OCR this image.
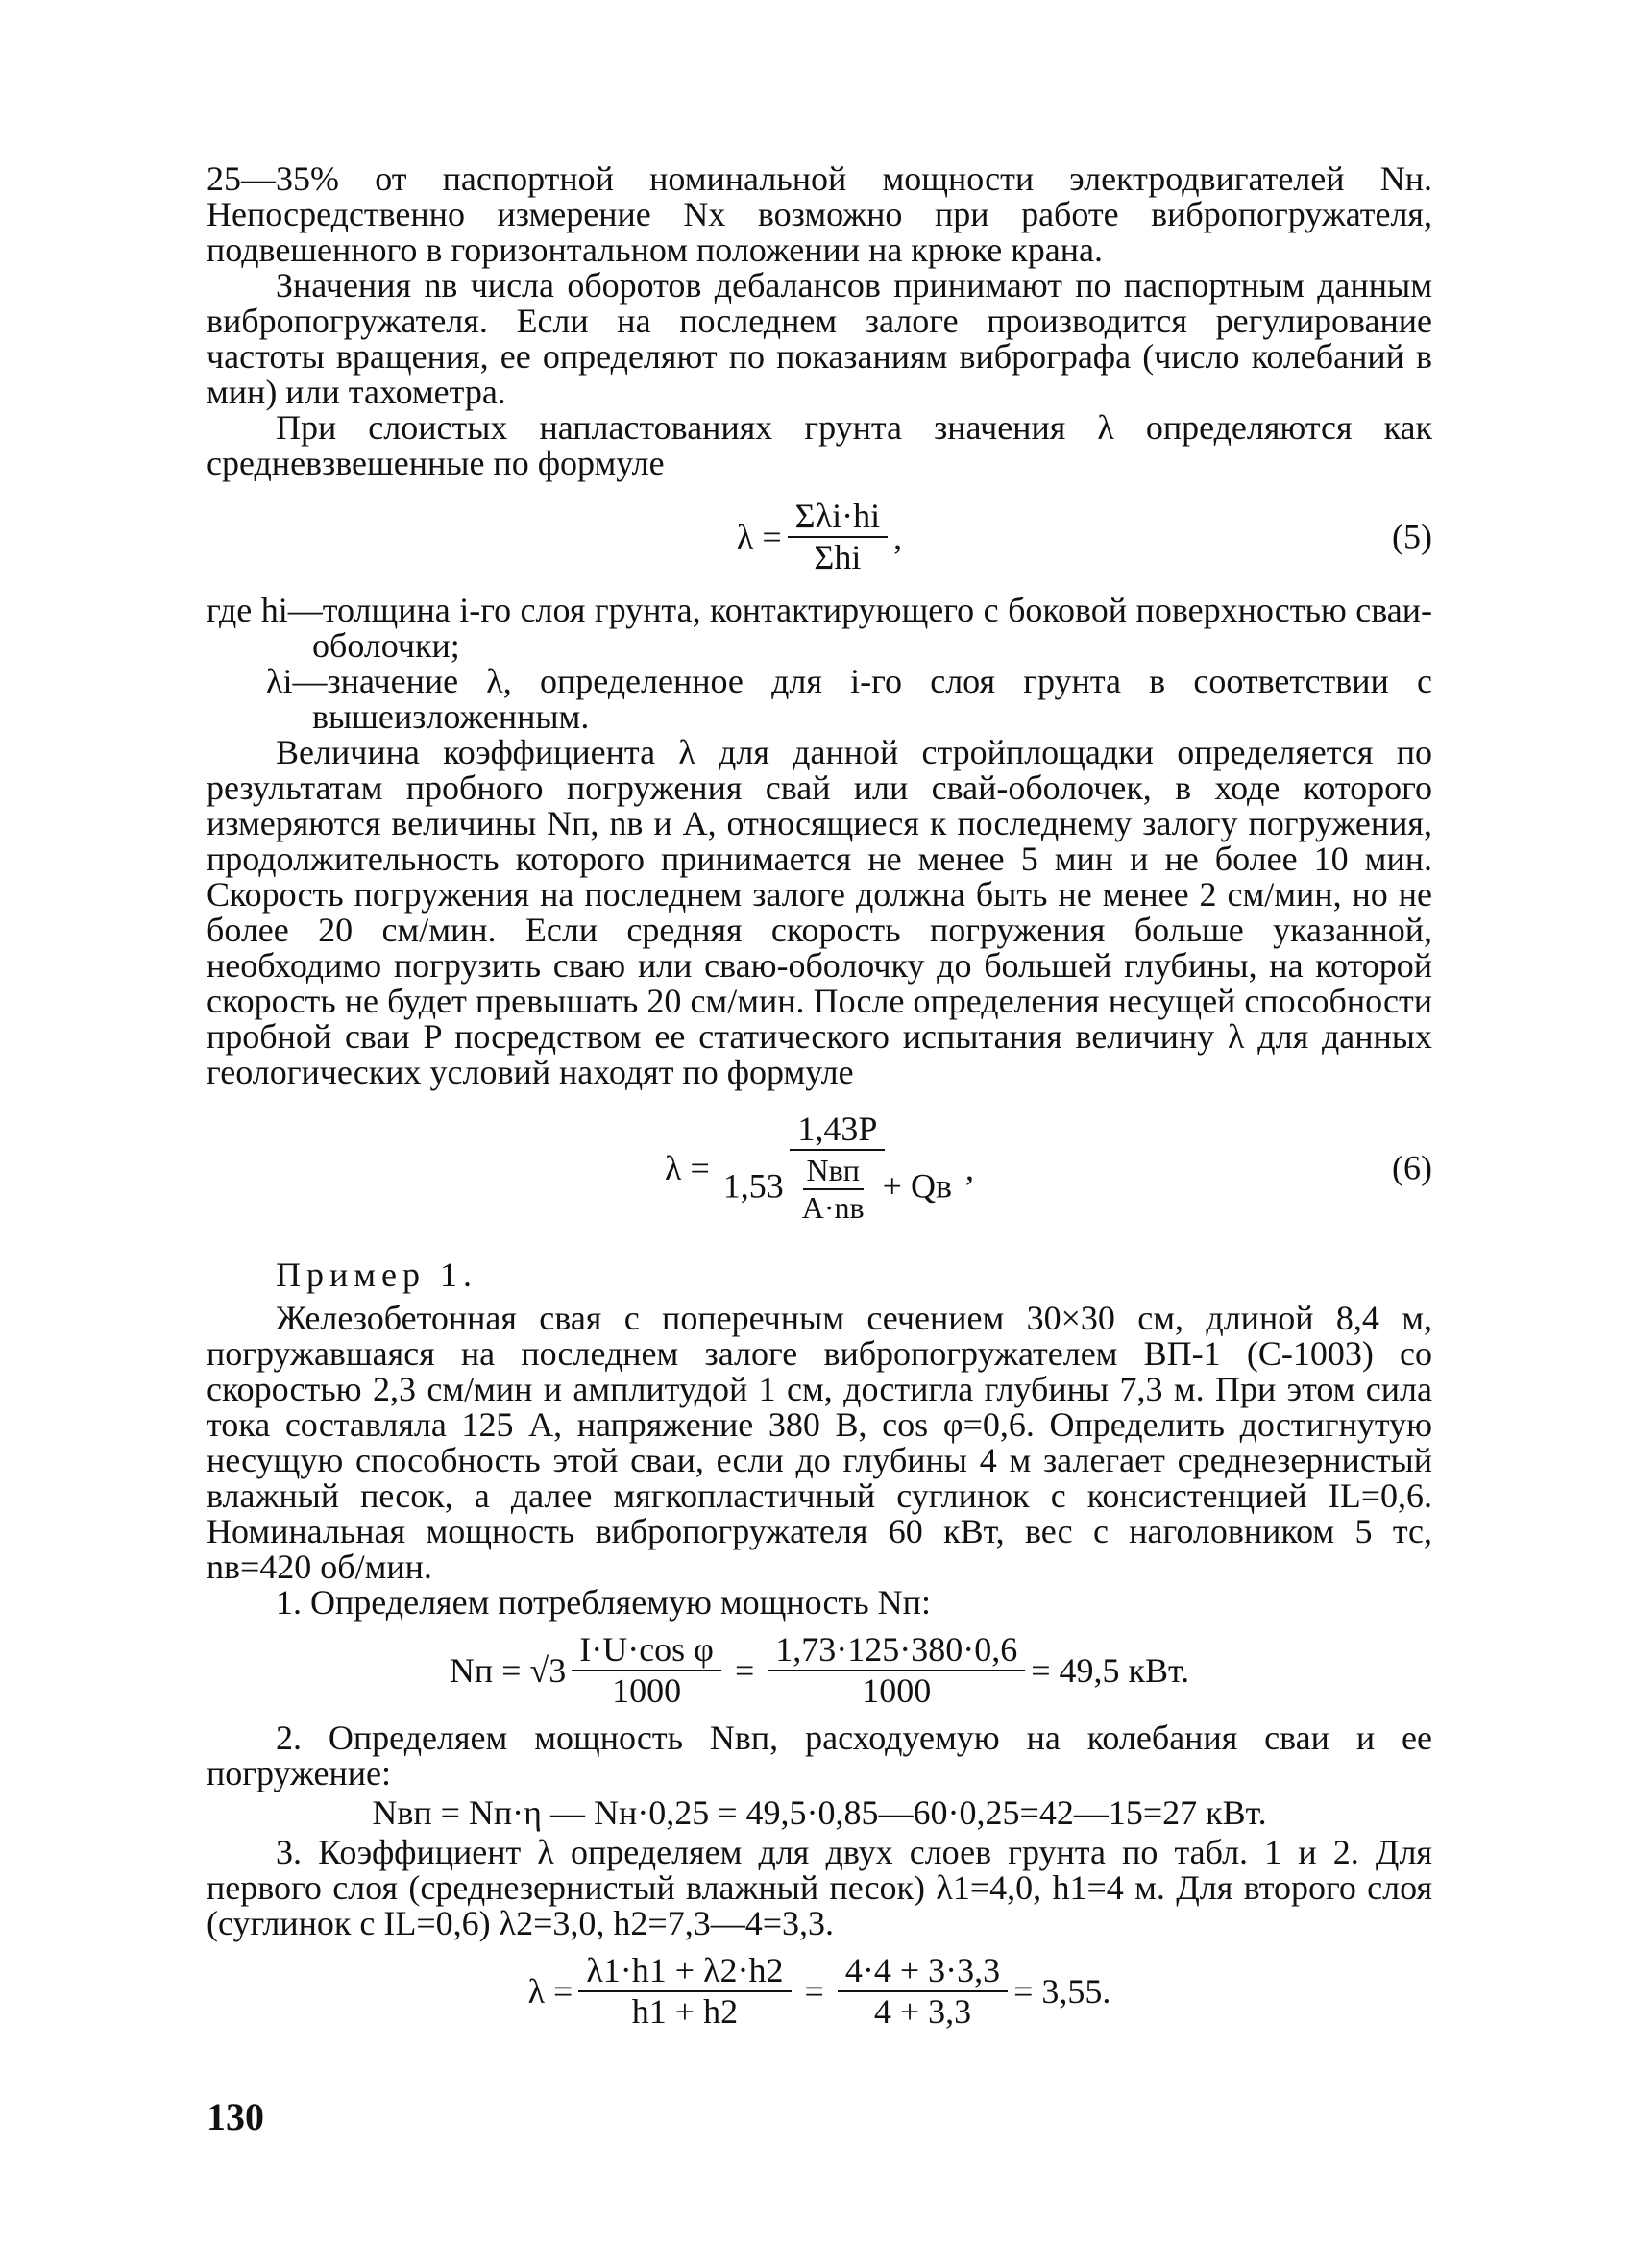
25—35% от паспортной номинальной мощности электродвигателей Nн. Непосредственно измерение Nх возможно при работе вибропогружателя, подвешенного в горизонтальном положении на крюке крана.

Значения nв числа оборотов дебалансов принимают по паспортным данным вибропогружателя. Если на последнем залоге производится регулирование частоты вращения, ее определяют по показаниям вибрографа (число колебаний в мин) или тахометра.

При слоистых напластованиях грунта значения λ определяются как средневзвешенные по формуле

$\lambda = \frac{\text{Σλi·hi}}{\text{Σhi}}$ ,	(5)

где hi—толщина i-го слоя грунта, контактирующего с боковой поверхностью сваи-оболочки;

λi—значение λ, определенное для i-го слоя грунта в соответствии с вышеизложенным.

Величина коэффициента λ для данной стройплощадки определяется по результатам пробного погружения свай или свай-оболочек, в ходе которого измеряются величины Nп, nв и A, относящиеся к последнему залогу погружения, продолжительность которого принимается не менее 5 мин и не более 10 мин. Скорость погружения на последнем залоге должна быть не менее 2 см/мин, но не более 20 см/мин. Если средняя скорость погружения больше указанной, необходимо погрузить сваю или сваю-оболочку до большей глубины, на которой скорость не будет превышать 20 см/мин. После определения несущей способности пробной сваи P посредством ее статического испытания величину λ для данных геологических условий находят по формуле

λ =
1,43P
$1,53 \frac{\text{Nвп}}{A\cdot nв}$ + Qв ,	(6)

Пример 1.

Железобетонная свая с поперечным сечением 30×30 см, длиной 8,4 м, погружавшаяся на последнем залоге вибропогружателем ВП-1 (С-1003) со скоростью 2,3 см/мин и амплитудой 1 см, достигла глубины 7,3 м. При этом сила тока составляла 125 А, напряжение 380 В, cos φ=0,6. Определить достигнутую несущую способность этой сваи, если до глубины 4 м залегает среднезернистый влажный песок, а далее мягкопластичный суглинок с консистенцией IL=0,6. Номинальная мощность вибропогружателя 60 кВт, вес с наголовником 5 тс, nв=420 об/мин.

1. Определяем потребляемую мощность Nп:

Nп = $√3 \frac{\text{I·U·cos φ}}{1000} = \frac{1,73\cdot 125\cdot 380\cdot 0,6}{1000} = 49,5$ кВт.

2. Определяем мощность Nвп, расходуемую на колебания сваи и ее погружение:

Nвп = Nп·η — Nн·0,25 = 49,5·0,85—60·0,25=42—15=27 кВт.

3. Коэффициент λ определяем для двух слоев грунта по табл. 1 и 2. Для первого слоя (среднезернистый влажный песок) λ1=4,0, h1=4 м. Для второго слоя (суглинок с IL=0,6) λ2=3,0, h2=7,3—4=3,3.

$\lambda = \frac{\lambda 1\cdot h1 + \lambda 2\cdot h2}{h1 + h2} = \frac{4\cdot 4 + 3\cdot 3,3}{4 + 3,3} = 3,55$.
130
